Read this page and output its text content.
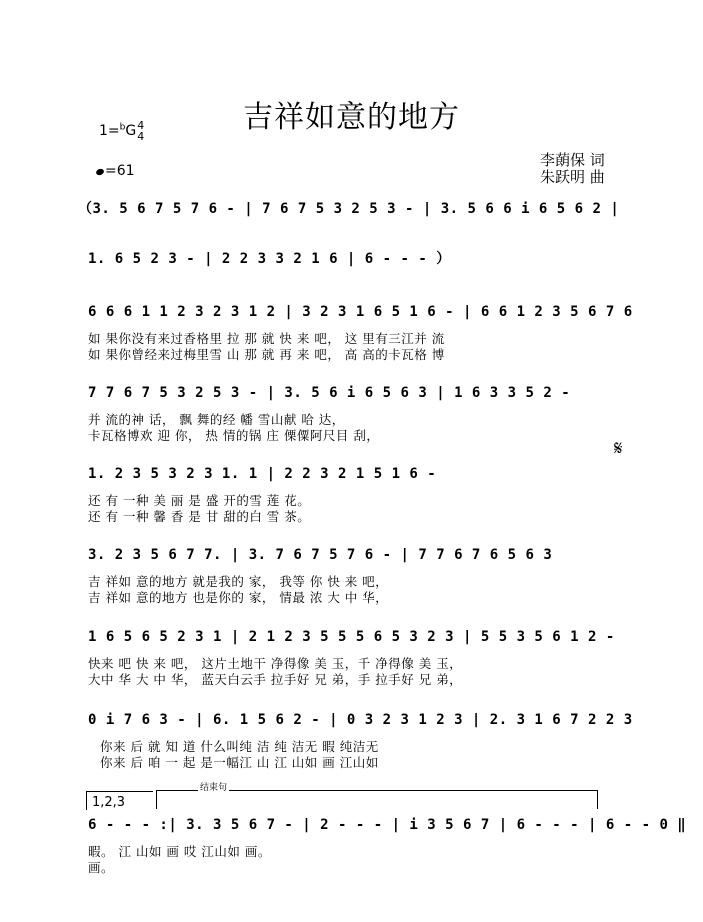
吉祥如意的地方
1=$^b$G 4
4
=61
李蓢保 词
朱跃明 曲
（3. 5 6 7 5 7 6 - | 7 6 7 5 3 2 5 3 - | 3. 5 6 6 i 6 5 6 2 |
1. 6 5 2 3 - | 2 2 3 3 2 1 6 | 6 - - - ）
6 6 6 1 1 2 3 2 3 1 2 | 3 2 3 1 6 5 1 6 - | 6 6 1 2 3 5 6 7 6
如 果你没有来过香格里 拉 那 就 快 来 吧， 这 里有三江并 流
如 果你曾经来过梅里雪 山 那 就 再 来 吧， 高 高的卡瓦格 博
7 7 6 7 5 3 2 5 3 - | 3. 5 6 i 6 5 6 3 | 1 6 3 3 5 2 -
并 流的神 话， 飘 舞的经 幡 雪山献 哈 达，
卡瓦格博欢 迎 你， 热 情的锅 庄 傈僳阿尺目 刮，
1. 2 3 5 3 2 3 1. 1 | 2 2 3 2 1 5 1 6 -
还 有 一种 美 丽 是 盛 开的雪 莲 花。
还 有 一种 馨 香 是 甘 甜的白 雪 茶。
𝄋
3. 2 3 5 6 7 7. | 3. 7 6 7 5 7 6 - | 7 7 6 7 6 5 6 3
吉 祥如 意的地方 就是我的 家， 我等 你 快 来 吧，
吉 祥如 意的地方 也是你的 家， 情最 浓 大 中 华，
1 6 5 6 5 2 3 1 | 2 1 2 3 5 5 5 6 5 3 2 3 | 5 5 3 5 6 1 2 -
快来 吧 快 来 吧， 这片土地干 净得像 美 玉，千 净得像 美 玉，
大中 华 大 中 华， 蓝天白云手 拉手好 兄 弟，手 拉手好 兄 弟，
0 i 7 6 3 - | 6. 1 5 6 2 - | 0 3 2 3 1 2 3 | 2. 3 1 6 7 2 2 3
你来 后 就 知 道 什么叫纯 洁 纯 洁无 暇 纯洁无
你来 后 咱 一 起 是一幅江 山 江 山如 画 江山如
1,2,3
结束句
6 - - - :| 3. 3 5 6 7 - | 2 - - - | i 3 5 6 7 | 6 - - - | 6 - - 0 ‖
暇。 江 山如 画 哎 江山如 画。
画。
